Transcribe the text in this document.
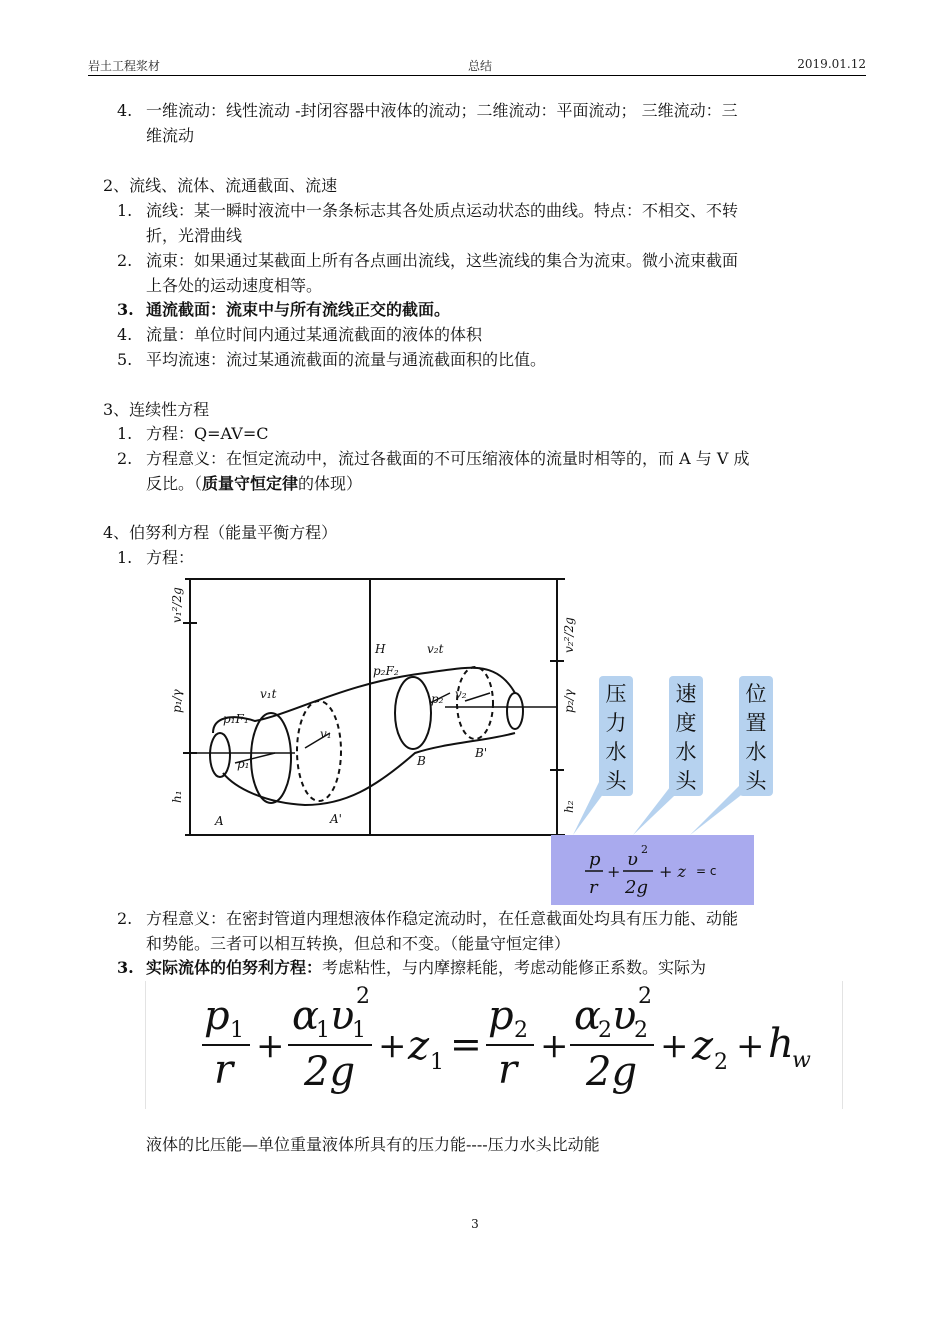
岩土工程浆材	总结	2019.01.12
4. 一维流动：线性流动 -封闭容器中液体的流动；二维流动：平面流动； 三维流动：三
维流动
2、流线、流体、流通截面、流速
1. 流线：某一瞬时液流中一条条标志其各处质点运动状态的曲线。特点：不相交、不转
折，光滑曲线
2. 流束：如果通过某截面上所有各点画出流线，这些流线的集合为流束。微小流束截面
上各处的运动速度相等。
3. 通流截面：流束中与所有流线正交的截面。
4. 流量：单位时间内通过某通流截面的液体的体积
5. 平均流速：流过某通流截面的流量与通流截面积的比值。
3、连续性方程
1. 方程：Q=AV=C
2. 方程意义：在恒定流动中，流过各截面的不可压缩液体的流量时相等的，而 A 与 V 成
反比。（质量守恒定律的体现）
4、伯努利方程（能量平衡方程）
1. 方程：
A	A'
B
B'
H
p₁F₁
p₂F₂
v₁t
v₂t
p₁
p₂
v₁
v₂
v₁²/2g
p₁/γ
h₁
v₂²/2g
p₂/γ
h₂
压力水头
速度水头
位置水头
p
r
+
υ 2
2g
+ z = c
2. 方程意义：在密封管道内理想液体作稳定流动时，在任意截面处均具有压力能、动能
和势能。三者可以相互转换，但总和不变。（能量守恒定律）
3. 实际流体的伯努利方程：考虑粘性，与内摩擦耗能，考虑动能修正系数。实际为
p 1
r
+
α
1 υ
1
2
2g
+ z 1 =
p 2
r
+
α
2 υ
2
2
2g
+ z 2 + h
w
液体的比压能—单位重量液体所具有的压力能----压力水头比动能
3
